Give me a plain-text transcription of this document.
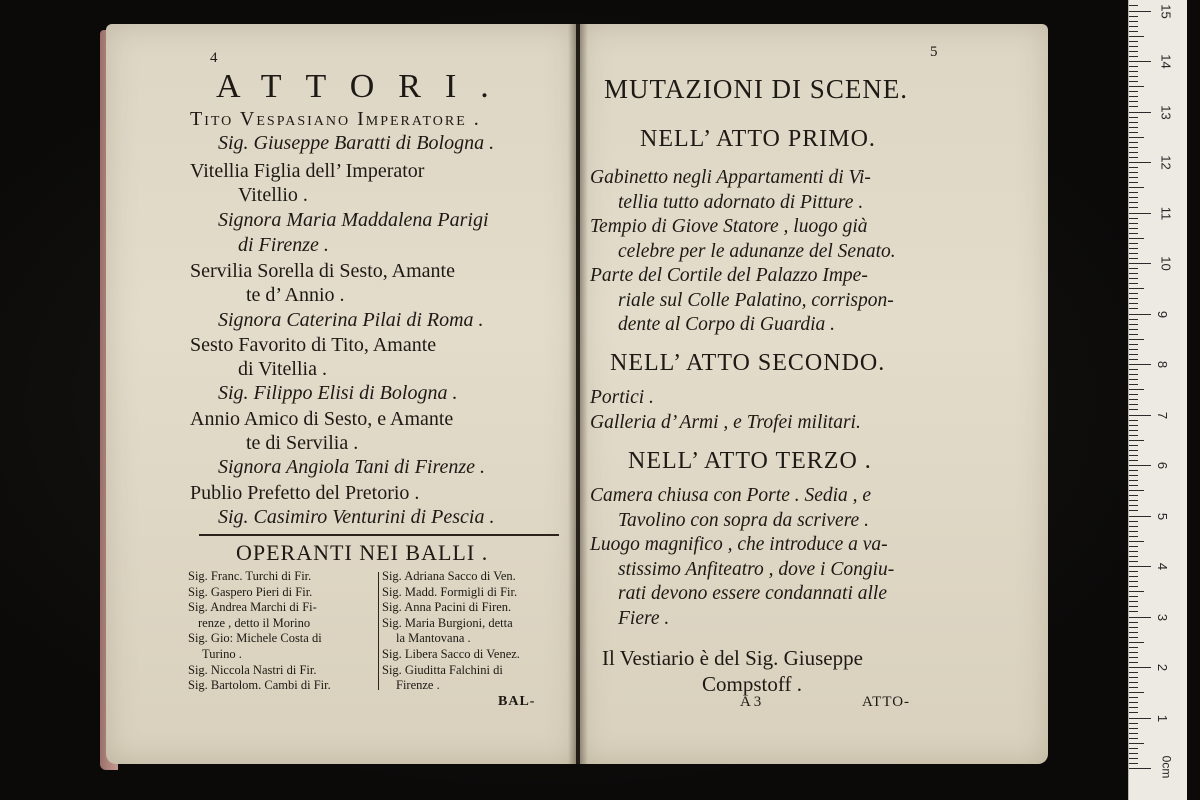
4
ATTORI.
Tito Vespasiano Imperatore .
Sig. Giuseppe Baratti di Bologna .
Vitellia Figlia dell’ Imperator
Vitellio .
Signora Maria Maddalena Parigi
di Firenze .
Servilia Sorella di Sesto, Amante
te d’ Annio .
Signora Caterina Pilai di Roma .
Sesto Favorito di Tito, Amante
di Vitellia .
Sig. Filippo Elisi di Bologna .
Annio Amico di Sesto, e Amante
te di Servilia .
Signora Angiola Tani di Firenze .
Publio Prefetto del Pretorio .
Sig. Casimiro Venturini di Pescia .
OPERANTI NEI BALLI .
Sig. Franc. Turchi di Fir.
Sig. Gaspero Pieri di Fir.
Sig. Andrea Marchi di Fi-
renze , detto il Morino
Sig. Gio: Michele Costa di
Turino .
Sig. Niccola Nastri di Fir.
Sig. Bartolom. Cambi di Fir.
Sig. Adriana Sacco di Ven.
Sig. Madd. Formigli di Fir.
Sig. Anna Pacini di Firen.
Sig. Maria Burgioni, detta
la Mantovana .
Sig. Libera Sacco di Venez.
Sig. Giuditta Falchini di
Firenze .
BAL-
5
MUTAZIONI DI SCENE.
NELL’ ATTO PRIMO.
Gabinetto negli Appartamenti di Vi-
tellia tutto adornato di Pitture .
Tempio di Giove Statore , luogo già
celebre per le adunanze del Senato.
Parte del Cortile del Palazzo Impe-
riale sul Colle Palatino, corrispon-
dente al Corpo di Guardia .
NELL’ ATTO SECONDO.
Portici .
Galleria d’ Armi , e Trofei militari.
NELL’ ATTO TERZO .
Camera chiusa con Porte . Sedia , e
Tavolino con sopra da scrivere .
Luogo magnifico , che introduce a va-
stissimo Anfiteatro , dove i Congiu-
rati devono essere condannati alle
Fiere .
Il Vestiario è del Sig. Giuseppe
Compstoff .
A 3	ATTO-
1
2
3
4
5
6
7
8
9
10
11
12
13
14
15
0cm
